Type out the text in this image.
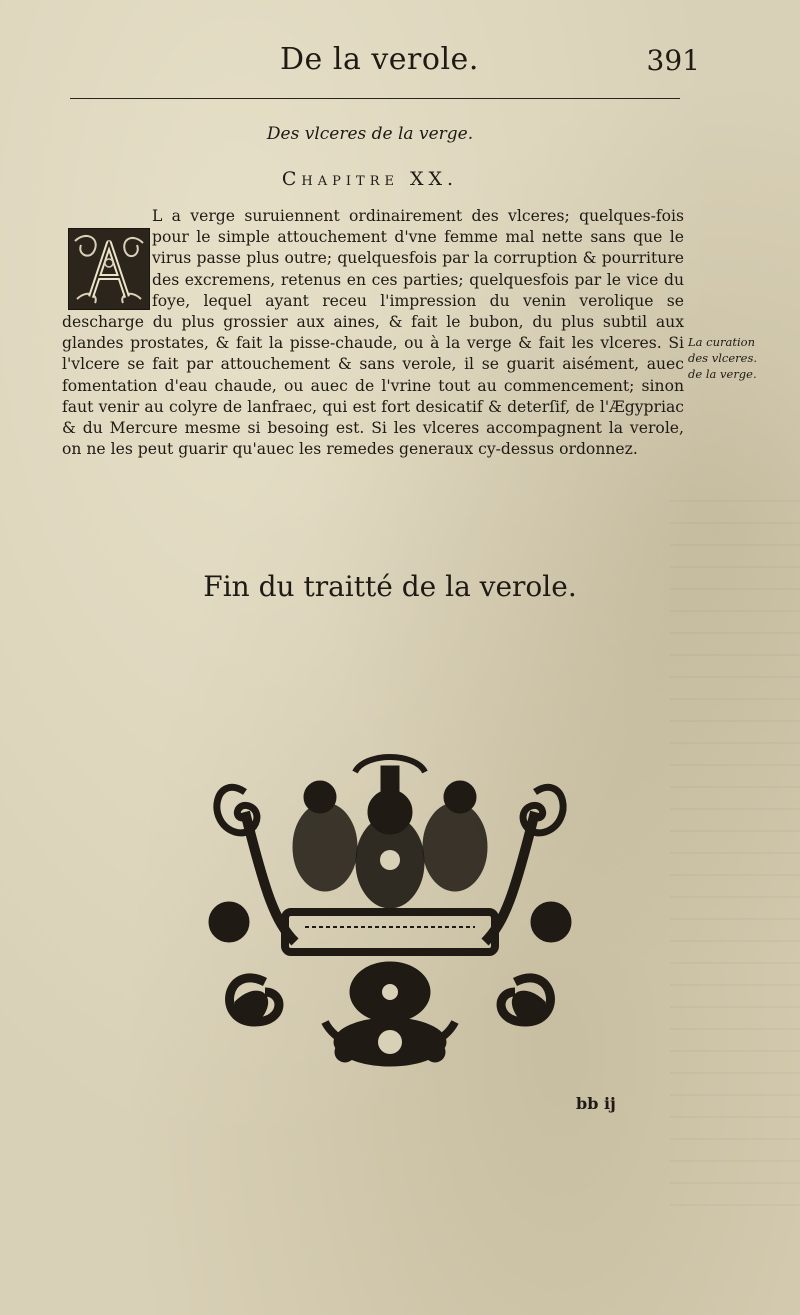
De la verole.	391
Des vlceres de la verge.
Chapitre XX.
L a verge suruiennent ordinairement des vlceres; quelques-fois pour le simple attouchement d'vne femme mal nette sans que le virus passe plus outre; quelquesfois par la corruption & pourriture des excremens, retenus en ces parties; quelquesfois par le vice du foye, lequel ayant receu l'impression du venin verolique se descharge du plus grossier aux aines, & fait le bubon, du plus subtil aux glandes prostates, & fait la pisse-chaude, ou à la verge & fait les vlceres. Si l'vlcere se fait par attouchement & sans verole, il se guarit aisément, auec fomentation d'eau chaude, ou auec de l'vrine tout au commencement; sinon faut venir au colyre de lanfraec, qui est fort desicatif & deterſif, de l'Ægypriac & du Mercure mesme si besoing est. Si les vlceres accompagnent la verole, on ne les peut guarir qu'auec les remedes generaux cy-dessus ordonnez.
La curation
des vlceres.
de la verge.
Fin du traitté de la verole.
bb ij
